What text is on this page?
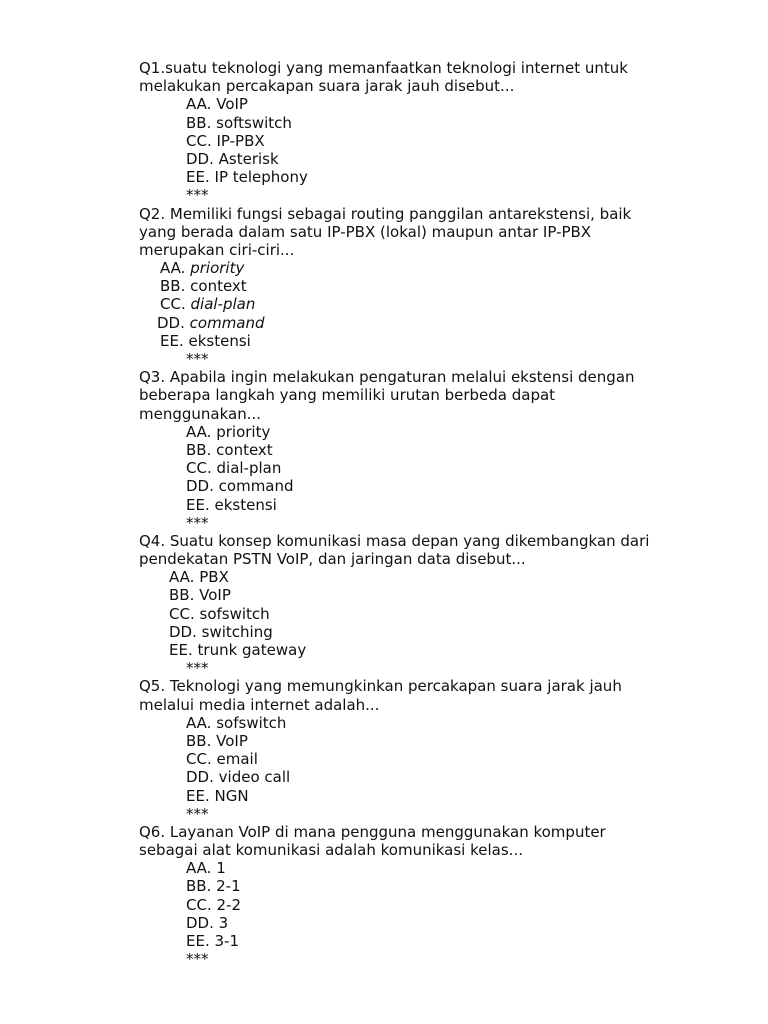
Q1.suatu teknologi yang memanfaatkan teknologi internet untuk
melakukan percakapan suara jarak jauh disebut...
AA. VoIP
BB. softswitch
CC. IP-PBX
DD. Asterisk
EE. IP telephony
***
Q2. Memiliki fungsi sebagai routing panggilan antarekstensi, baik
yang berada dalam satu IP-PBX (lokal) maupun antar IP-PBX
merupakan ciri-ciri...
AA. priority
BB. context
CC. dial-plan
DD. command
EE. ekstensi
***
Q3. Apabila ingin melakukan pengaturan melalui ekstensi dengan
beberapa langkah yang memiliki urutan berbeda dapat
menggunakan...
AA. priority
BB. context
CC. dial-plan
DD. command
EE. ekstensi
***
Q4. Suatu konsep komunikasi masa depan yang dikembangkan dari
pendekatan PSTN VoIP, dan jaringan data disebut...
AA. PBX
BB. VoIP
CC. sofswitch
DD. switching
EE. trunk gateway
***
Q5. Teknologi yang memungkinkan percakapan suara jarak jauh
melalui media internet adalah...
AA. sofswitch
BB. VoIP
CC. email
DD. video call
EE. NGN
***
Q6. Layanan VoIP di mana pengguna menggunakan komputer
sebagai alat komunikasi adalah komunikasi kelas...
AA. 1
BB. 2-1
CC. 2-2
DD. 3
EE. 3-1
***
